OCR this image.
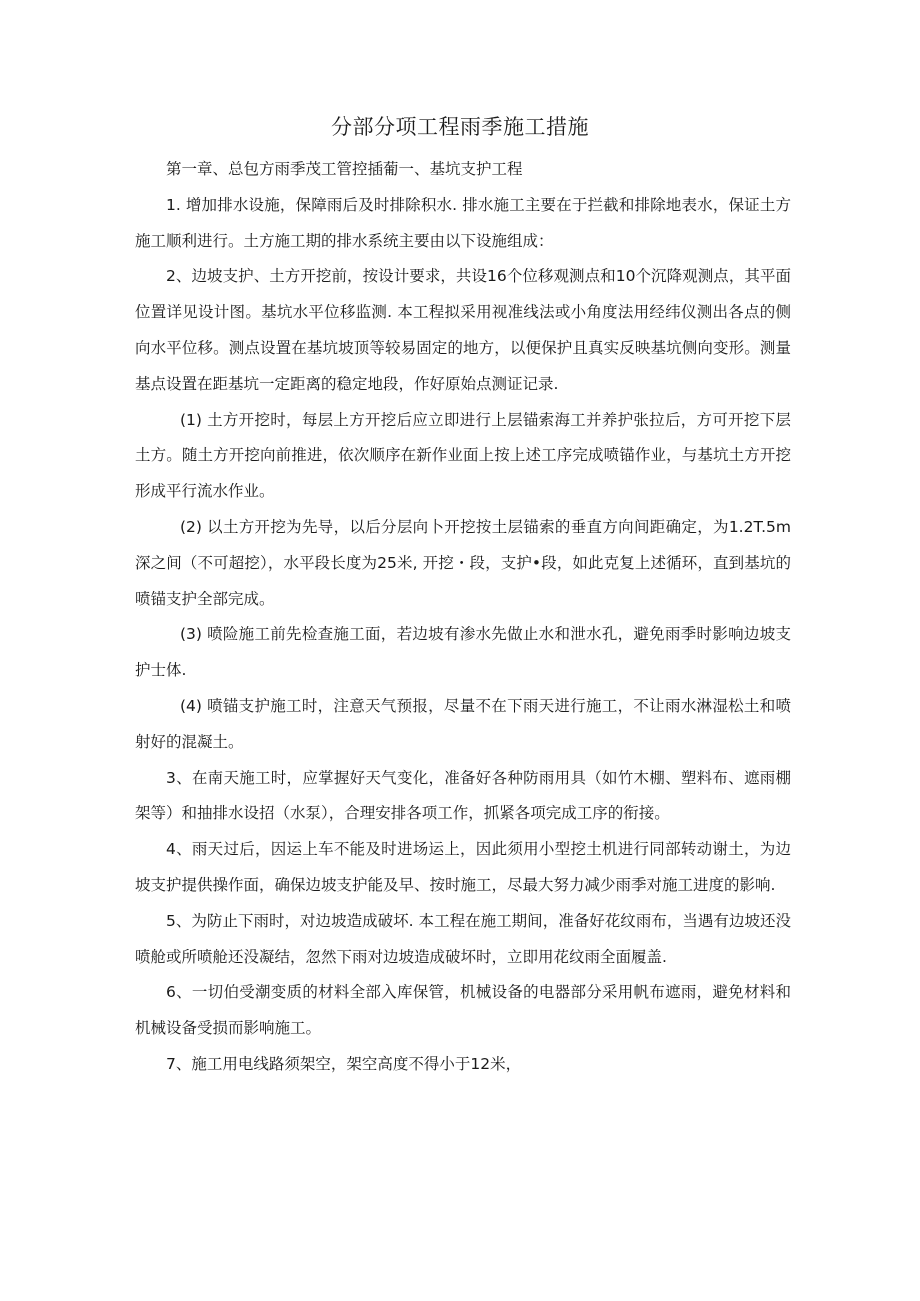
分部分项工程雨季施工措施

第一章、总包方雨季茂工管控插葡一、基坑支护工程

1. 增加排水设施，保障雨后及时排除积水. 排水施工主要在于拦截和排除地表水，保证土方施工顺利进行。土方施工期的排水系统主要由以下设施组成：

2、边坡支护、土方开挖前，按设计要求，共设16个位移观测点和10个沉降观测点，其平面位置详见设计图。基坑水平位移监测. 本工程拟采用视准线法或小角度法用经纬仪测出各点的侧向水平位移。测点设置在基坑坡顶等较易固定的地方，以便保护且真实反映基坑侧向变形。测量基点设置在距基坑一定距离的稳定地段，作好原始点测证记录.

(1) 土方开挖时，每层上方开挖后应立即进行上层锚索海工并养护张拉后，方可开挖下层土方。随土方开挖向前推进，依次顺序在新作业面上按上述工序完成喷锚作业，与基坑土方开挖形成平行流水作业。

(2) 以土方开挖为先导，以后分层向卜开挖按土层锚索的垂直方向间距确定，为1.2T.5m深之间（不可超挖），水平段长度为25米, 开挖・段，支护•段，如此克复上述循环，直到基坑的喷锚支护全部完成。

(3) 喷险施工前先检查施工面，若边坡有渗水先做止水和泄水孔，避免雨季时影响边坡支护士体.

(4) 喷锚支护施工时，注意天气预报，尽量不在下雨天进行施工，不让雨水淋湿松土和喷射好的混凝土。

3、在南天施工时，应掌握好天气变化，准备好各种防雨用具（如竹木棚、塑料布、遮雨棚架等）和抽排水设招（水泵），合理安排各项工作，抓紧各项完成工序的衔接。

4、雨天过后，因运上车不能及时进场运上，因此须用小型挖土机进行同部转动谢土，为边坡支护提供操作面，确保边坡支护能及早、按时施工，尽最大努力减少雨季对施工进度的影响.

5、为防止下雨时，对边坡造成破坏. 本工程在施工期间，准备好花纹雨布，当遇有边坡还没喷舱或所喷舱还没凝结，忽然下雨对边坡造成破坏时，立即用花纹雨全面履盖.

6、一切伯受潮变质的材料全部入库保管，机械设备的电器部分采用帆布遮雨，避免材料和机械设备受损而影响施工。

7、施工用电线路须架空，架空高度不得小于12米，
